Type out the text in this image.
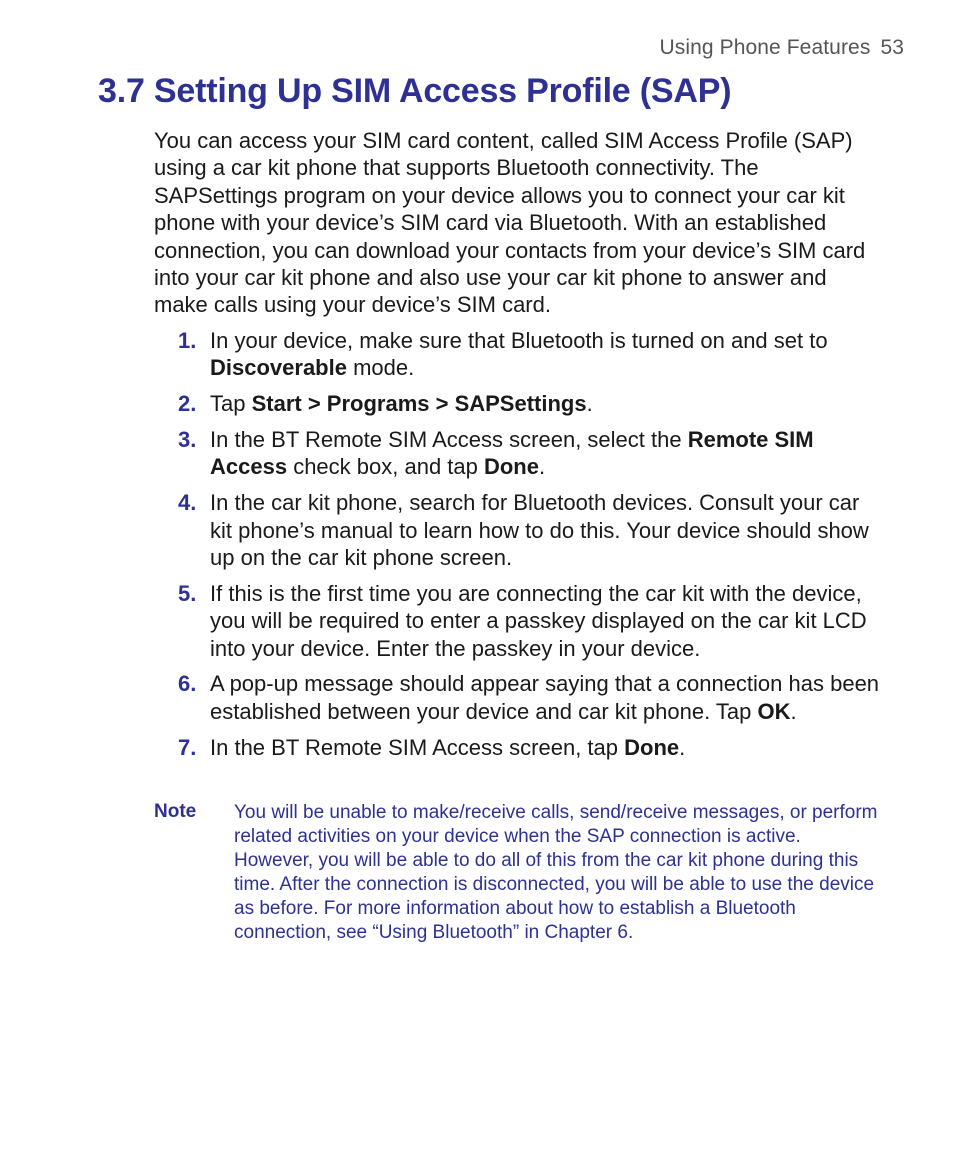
Using Phone Features 53
3.7 Setting Up SIM Access Profile (SAP)

You can access your SIM card content, called SIM Access Profile (SAP) using a car kit phone that supports Bluetooth connectivity. The SAPSettings program on your device allows you to connect your car kit phone with your device’s SIM card via Bluetooth. With an established connection, you can download your contacts from your device’s SIM card into your car kit phone and also use your car kit phone to answer and make calls using your device’s SIM card.

1. In your device, make sure that Bluetooth is turned on and set to Discoverable mode.
2. Tap Start > Programs > SAPSettings.
3. In the BT Remote SIM Access screen, select the Remote SIM Access check box, and tap Done.
4. In the car kit phone, search for Bluetooth devices. Consult your car kit phone’s manual to learn how to do this. Your device should show up on the car kit phone screen.
5. If this is the first time you are connecting the car kit with the device, you will be required to enter a passkey displayed on the car kit LCD into your device. Enter the passkey in your device.
6. A pop-up message should appear saying that a connection has been established between your device and car kit phone. Tap OK.
7. In the BT Remote SIM Access screen, tap Done.
Note You will be unable to make/receive calls, send/receive messages, or perform related activities on your device when the SAP connection is active. However, you will be able to do all of this from the car kit phone during this time. After the connection is disconnected, you will be able to use the device as before. For more information about how to establish a Bluetooth connection, see “Using Bluetooth” in Chapter 6.
